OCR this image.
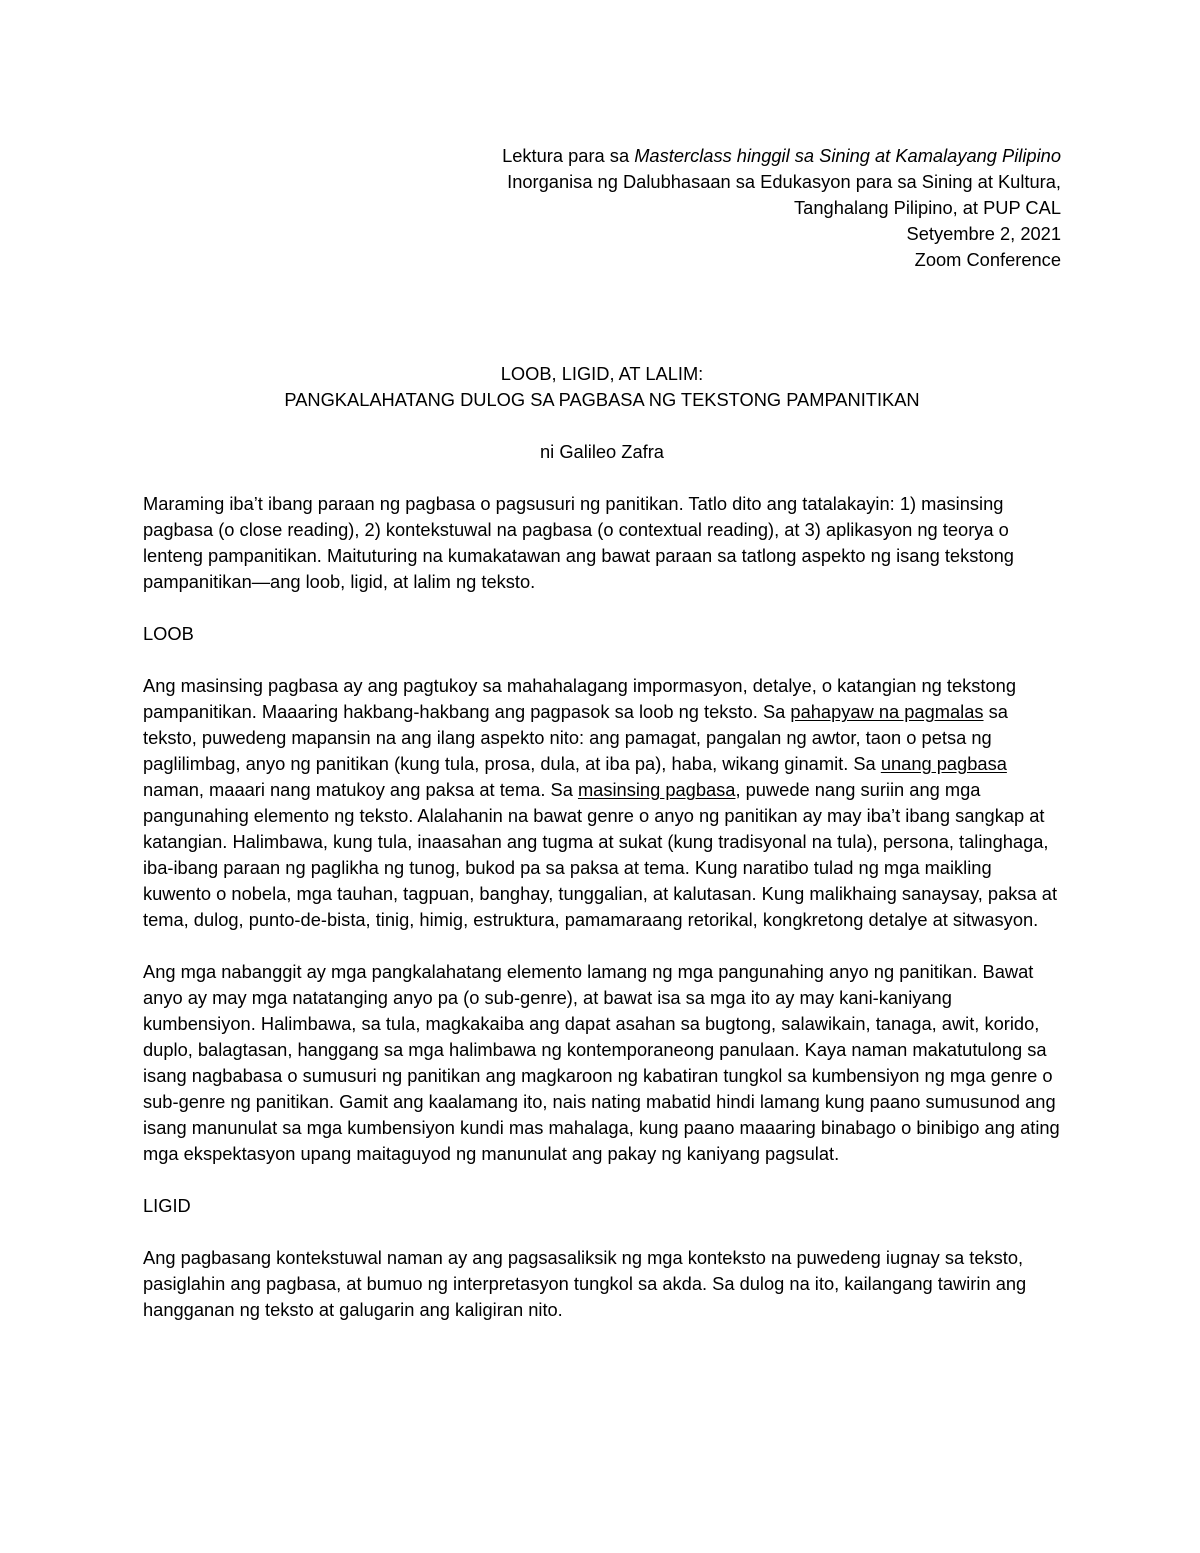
Lektura para sa Masterclass hinggil sa Sining at Kamalayang Pilipino
Inorganisa ng Dalubhasaan sa Edukasyon para sa Sining at Kultura,
Tanghalang Pilipino, at PUP CAL
Setyembre 2, 2021
Zoom Conference
LOOB, LIGID, AT LALIM:
PANGKALAHATANG DULOG SA PAGBASA NG TEKSTONG PAMPANITIKAN
ni Galileo Zafra

Maraming iba’t ibang paraan ng pagbasa o pagsusuri ng panitikan. Tatlo dito ang tatalakayin: 1) masinsing pagbasa (o close reading), 2) kontekstuwal na pagbasa (o contextual reading), at 3) aplikasyon ng teorya o lenteng pampanitikan. Maituturing na kumakatawan ang bawat paraan sa tatlong aspekto ng isang tekstong pampanitikan—ang loob, ligid, at lalim ng teksto.

LOOB

Ang masinsing pagbasa ay ang pagtukoy sa mahahalagang impormasyon, detalye, o katangian ng tekstong pampanitikan. Maaaring hakbang-hakbang ang pagpasok sa loob ng teksto. Sa pahapyaw na pagmalas sa teksto, puwedeng mapansin na ang ilang aspekto nito: ang pamagat, pangalan ng awtor, taon o petsa ng paglilimbag, anyo ng panitikan (kung tula, prosa, dula, at iba pa), haba, wikang ginamit. Sa unang pagbasa naman, maaari nang matukoy ang paksa at tema. Sa masinsing pagbasa, puwede nang suriin ang mga pangunahing elemento ng teksto. Alalahanin na bawat genre o anyo ng panitikan ay may iba’t ibang sangkap at katangian. Halimbawa, kung tula, inaasahan ang tugma at sukat (kung tradisyonal na tula), persona, talinghaga, iba-ibang paraan ng paglikha ng tunog, bukod pa sa paksa at tema. Kung naratibo tulad ng mga maikling kuwento o nobela, mga tauhan, tagpuan, banghay, tunggalian, at kalutasan. Kung malikhaing sanaysay, paksa at tema, dulog, punto-de-bista, tinig, himig, estruktura, pamamaraang retorikal, kongkretong detalye at sitwasyon.

Ang mga nabanggit ay mga pangkalahatang elemento lamang ng mga pangunahing anyo ng panitikan. Bawat anyo ay may mga natatanging anyo pa (o sub-genre), at bawat isa sa mga ito ay may kani-kaniyang kumbensiyon. Halimbawa, sa tula, magkakaiba ang dapat asahan sa bugtong, salawikain, tanaga, awit, korido, duplo, balagtasan, hanggang sa mga halimbawa ng kontemporaneong panulaan. Kaya naman makatutulong sa isang nagbabasa o sumusuri ng panitikan ang magkaroon ng kabatiran tungkol sa kumbensiyon ng mga genre o sub-genre ng panitikan. Gamit ang kaalamang ito, nais nating mabatid hindi lamang kung paano sumusunod ang isang manunulat sa mga kumbensiyon kundi mas mahalaga, kung paano maaaring binabago o binibigo ang ating mga ekspektasyon upang maitaguyod ng manunulat ang pakay ng kaniyang pagsulat.

LIGID

Ang pagbasang kontekstuwal naman ay ang pagsasaliksik ng mga konteksto na puwedeng iugnay sa teksto, pasiglahin ang pagbasa, at bumuo ng interpretasyon tungkol sa akda. Sa dulog na ito, kailangang tawirin ang hangganan ng teksto at galugarin ang kaligiran nito.
